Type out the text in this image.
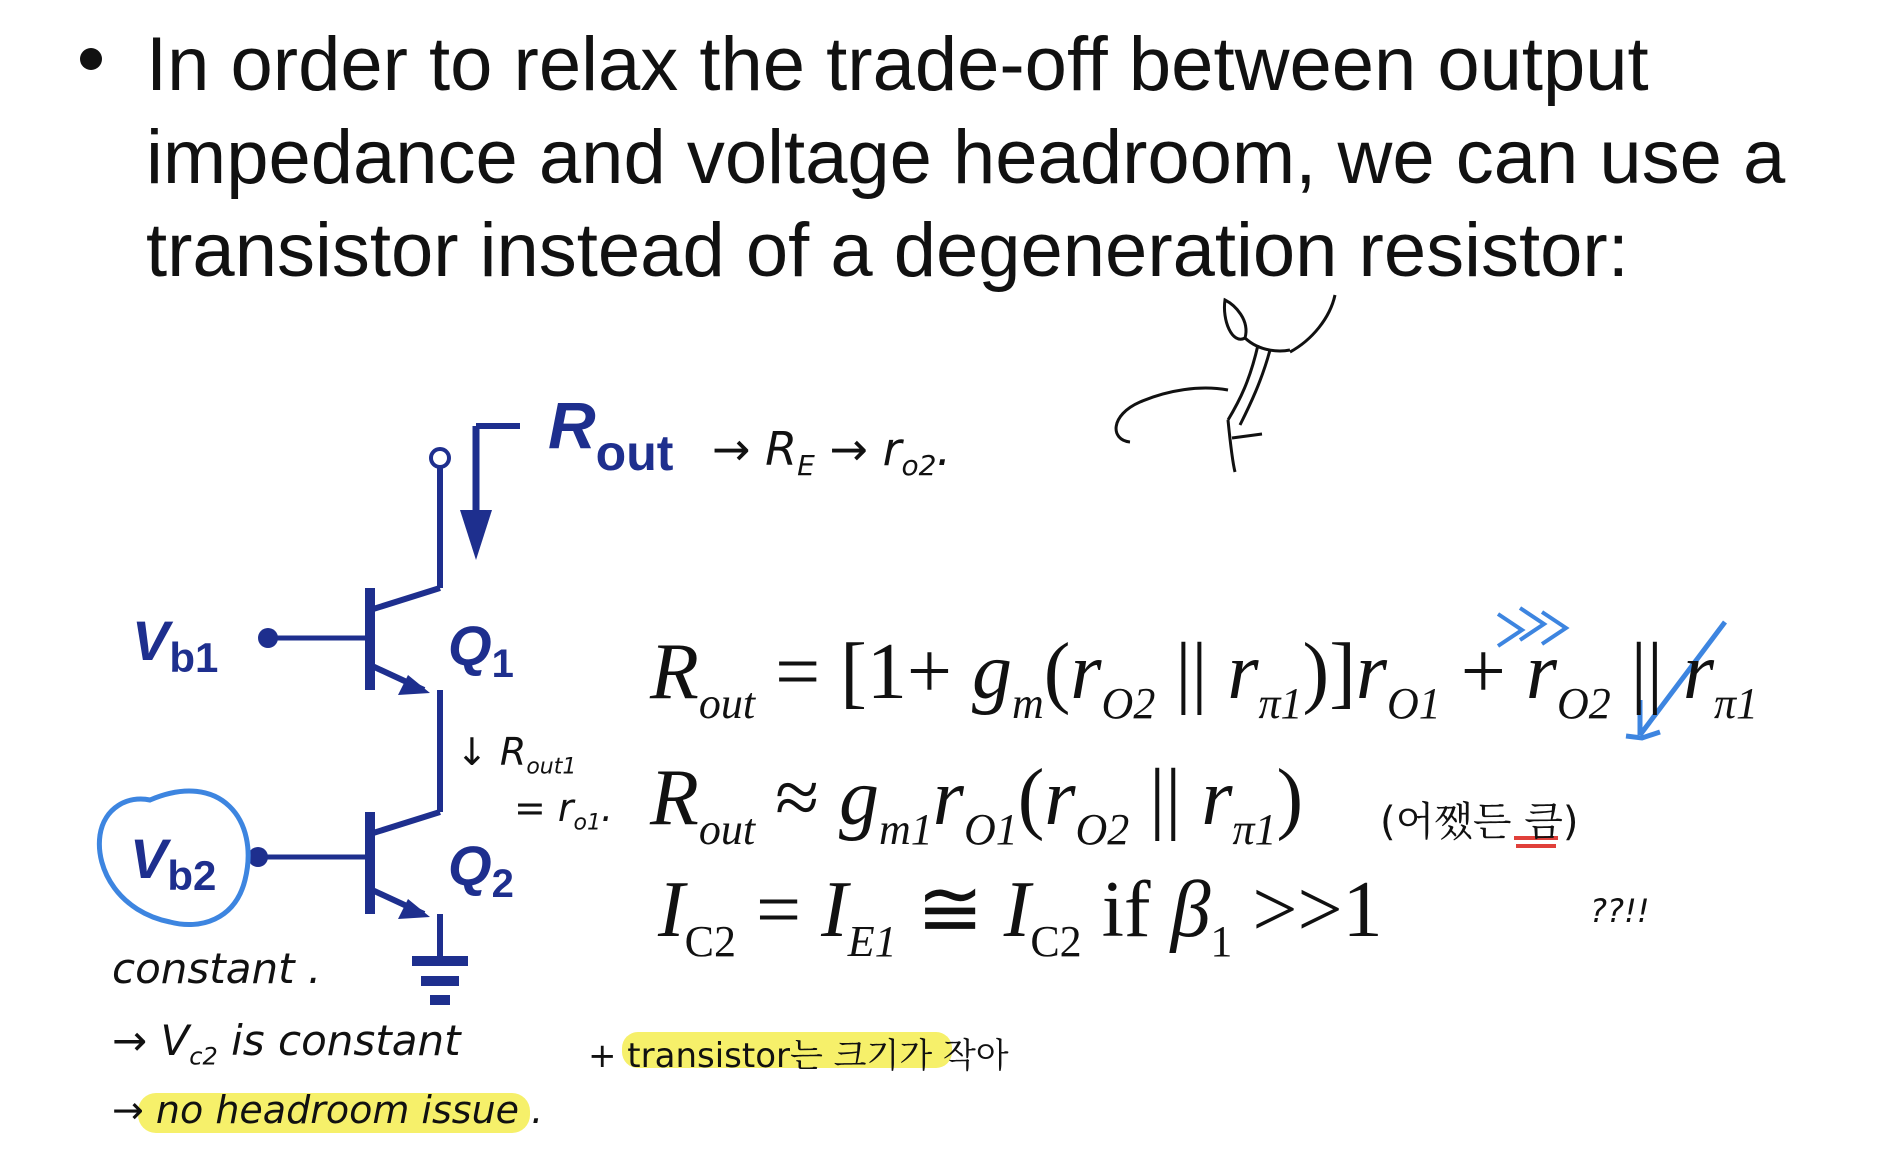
In order to relax the trade-off between output
impedance and voltage headroom, we can use a
transistor instead of a degeneration resistor:
$R_{out}$
$V_{b1}$	$Q_1$
$V_{b2}$	$Q_2$
$R_{out} = [1+ g_m(r_{O2}$ || $r_{\pi 1})]r_{O1} + r_{O2}$ || $r_{\pi 1}$
$R_{out} \approx g_{m1}r_{O1}(r_{O2}$ || $r_{\pi 1}$)
$I_{C2} = I_{E1}$ ≅ $I_{C2}$ if $\beta_1 >>1$
→ $R_E \to r_{o2}$.
↓ $R_{out1}$
= $r_{o1}$.	(어쨌든 큼)
??!!
constant .
→ $V_{c2}$ is constant
→ no headroom issue .
+ transistor는 크기가 작아
